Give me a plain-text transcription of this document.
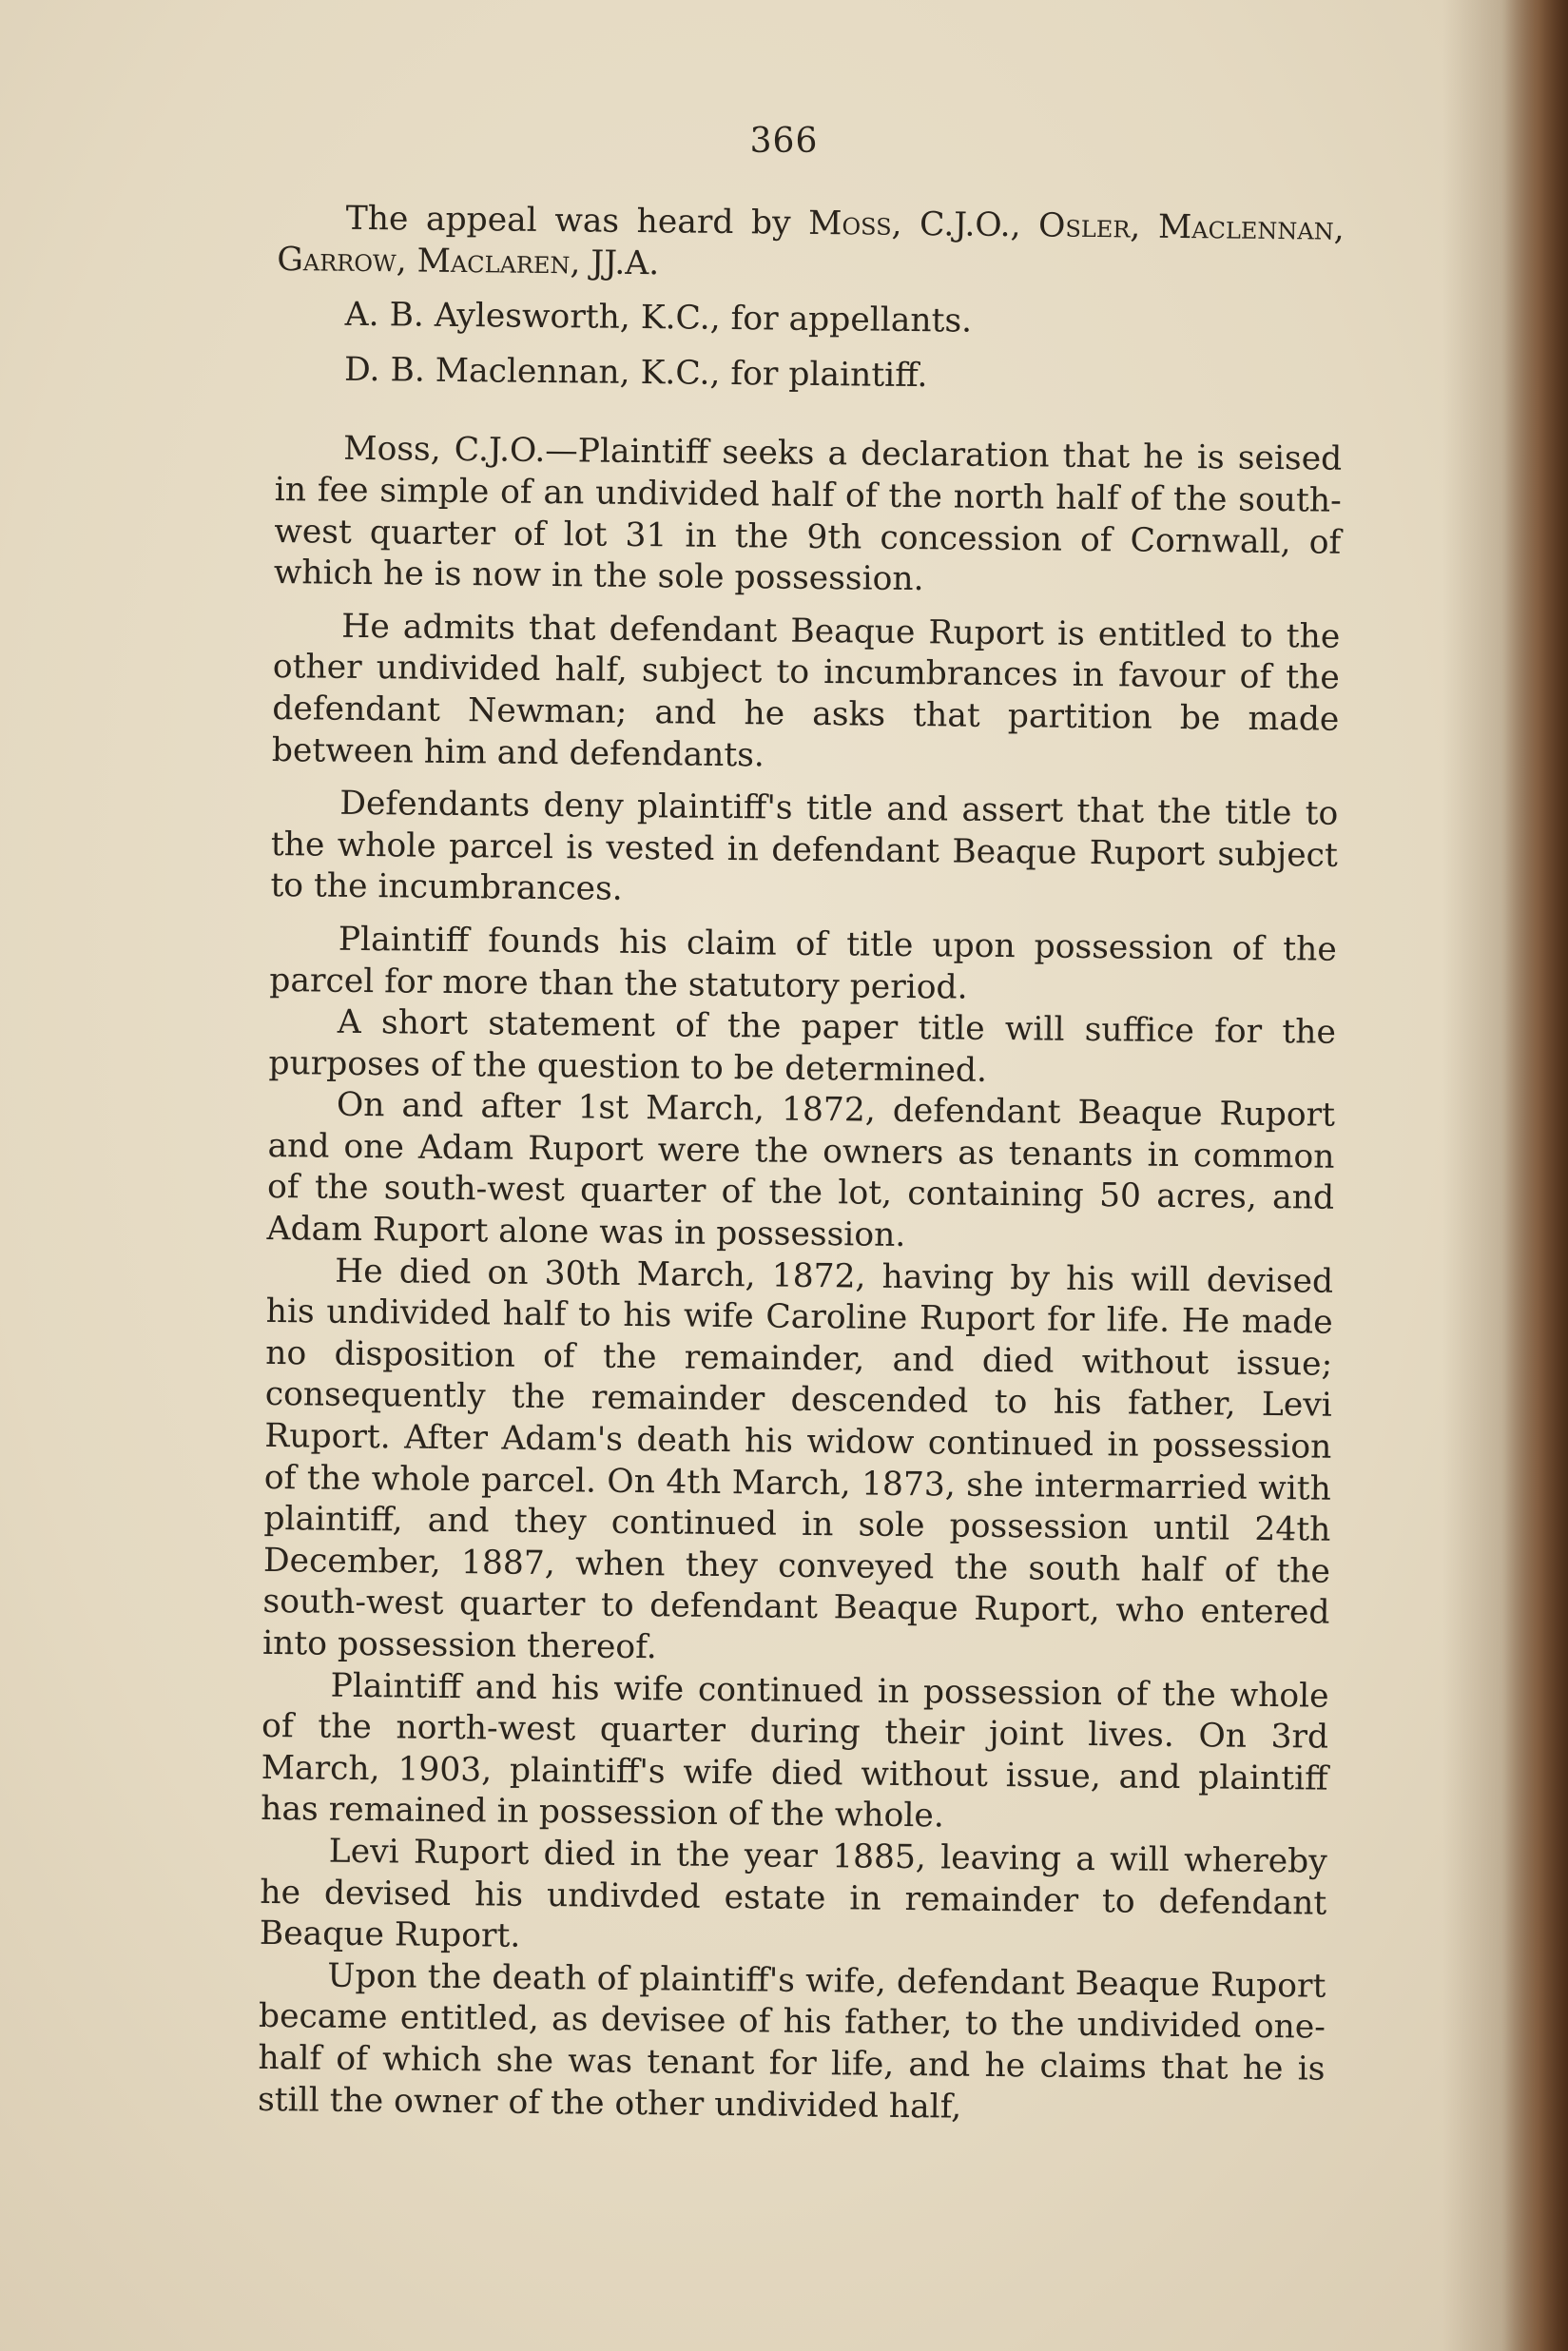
366

The appeal was heard by Moss, C.J.O., Osler, Maclennan, Garrow, Maclaren, JJ.A.

A. B. Aylesworth, K.C., for appellants.

D. B. Maclennan, K.C., for plaintiff.

Moss, C.J.O.—Plaintiff seeks a declaration that he is seised in fee simple of an undivided half of the north half of the south-west quarter of lot 31 in the 9th concession of Cornwall, of which he is now in the sole possession.

He admits that defendant Beaque Ruport is entitled to the other undivided half, subject to incumbrances in favour of the defendant Newman; and he asks that partition be made between him and defendants.

Defendants deny plaintiff's title and assert that the title to the whole parcel is vested in defendant Beaque Ruport subject to the incumbrances.

Plaintiff founds his claim of title upon possession of the parcel for more than the statutory period.

A short statement of the paper title will suffice for the purposes of the question to be determined.

On and after 1st March, 1872, defendant Beaque Ruport and one Adam Ruport were the owners as tenants in common of the south-west quarter of the lot, containing 50 acres, and Adam Ruport alone was in possession.

He died on 30th March, 1872, having by his will devised his undivided half to his wife Caroline Ruport for life. He made no disposition of the remainder, and died without issue; consequently the remainder descended to his father, Levi Ruport. After Adam's death his widow continued in possession of the whole parcel. On 4th March, 1873, she intermarried with plaintiff, and they continued in sole possession until 24th December, 1887, when they conveyed the south half of the south-west quarter to defendant Beaque Ruport, who entered into possession thereof.

Plaintiff and his wife continued in possession of the whole of the north-west quarter during their joint lives. On 3rd March, 1903, plaintiff's wife died without issue, and plaintiff has remained in possession of the whole.

Levi Ruport died in the year 1885, leaving a will whereby he devised his undivded estate in remainder to defendant Beaque Ruport.

Upon the death of plaintiff's wife, defendant Beaque Ruport became entitled, as devisee of his father, to the undivided one-half of which she was tenant for life, and he claims that he is still the owner of the other undivided half,
